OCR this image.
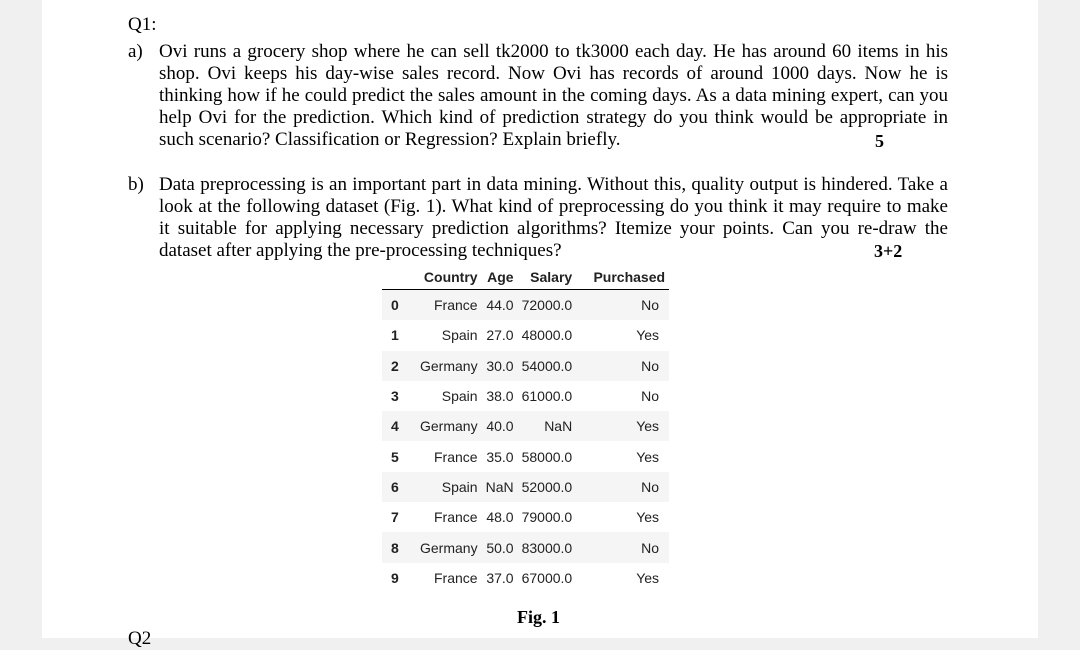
Q1:
a) Ovi runs a grocery shop where he can sell tk2000 to tk3000 each day. He has around 60 items in his shop. Ovi keeps his day-wise sales record. Now Ovi has records of around 1000 days. Now he is thinking how if he could predict the sales amount in the coming days. As a data mining expert, can you help Ovi for the prediction. Which kind of prediction strategy do you think would be appropriate in such scenario? Classification or Regression? Explain briefly.	5
b) Data preprocessing is an important part in data mining. Without this, quality output is hindered. Take a look at the following dataset (Fig. 1). What kind of preprocessing do you think it may require to make it suitable for applying necessary prediction algorithms? Itemize your points. Can you re-draw the dataset after applying the pre-processing techniques?	3+2
	Country	Age	Salary	Purchased
0	France	44.0	72000.0	No
1	Spain	27.0	48000.0	Yes
2	Germany	30.0	54000.0	No
3	Spain	38.0	61000.0	No
4	Germany	40.0	NaN	Yes
5	France	35.0	58000.0	Yes
6	Spain	NaN	52000.0	No
7	France	48.0	79000.0	Yes
8	Germany	50.0	83000.0	No
9	France	37.0	67000.0	Yes
Fig. 1
Q2
